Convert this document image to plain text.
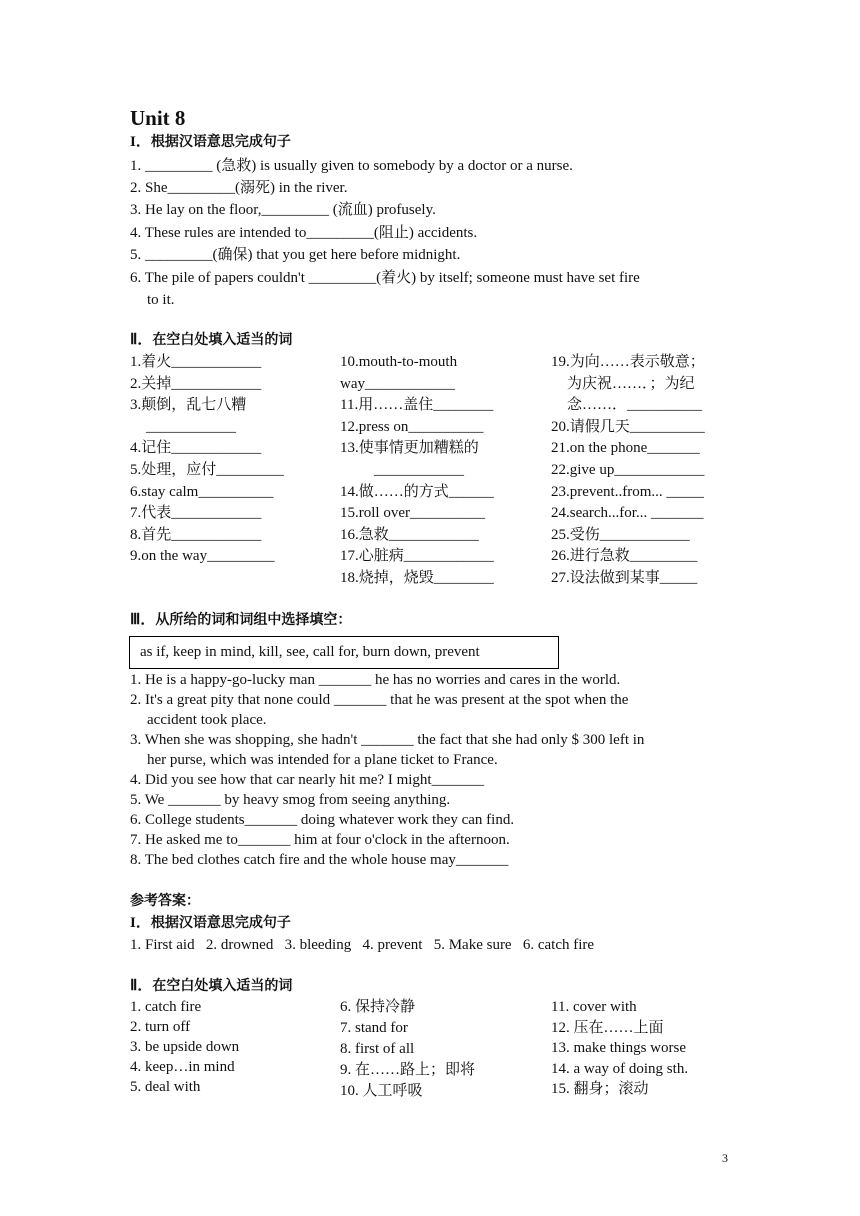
Unit 8
I．根据汉语意思完成句子
1. _________ (急救) is usually given to somebody by a doctor or a nurse.
2. She_________(溺死) in the river.
3. He lay on the floor,_________ (流血) profusely.
4. These rules are intended to_________(阻止) accidents.
5. _________(确保) that you get here before midnight.
6. The pile of papers couldn't _________(着火) by itself; someone must have set fire
to it.
Ⅱ．在空白处填入适当的词
1.着火____________
2.关掉____________
3.颠倒，乱七八糟
____________
4.记住____________
5.处理，应付_________
6.stay calm__________
7.代表____________
8.首先____________
9.on the way_________
10.mouth-to-mouth
way____________
11.用……盖住________
12.press on__________
13.使事情更加糟糕的
____________
14.做……的方式______
15.roll over__________
16.急救____________
17.心脏病____________
18.烧掉，烧毁________
19.为向……表示敬意；
为庆祝……．；为纪
念……．__________
20.请假几天__________
21.on the phone_______
22.give up____________
23.prevent..from... _____
24.search...for... _______
25.受伤____________
26.进行急救_________
27.设法做到某事_____
Ⅲ．从所给的词和词组中选择填空：
as if, keep in mind, kill, see, call for, burn down, prevent
1. He is a happy-go-lucky man _______ he has no worries and cares in the world.
2. It's a great pity that none could _______ that he was present at the spot when the
accident took place.
3. When she was shopping, she hadn't _______ the fact that she had only $ 300 left in
her purse, which was intended for a plane ticket to France.
4. Did you see how that car nearly hit me? I might_______
5. We _______ by heavy smog from seeing anything.
6. College students_______ doing whatever work they can find.
7. He asked me to_______ him at four o'clock in the afternoon.
8. The bed clothes catch fire and the whole house may_______
参考答案：
I．根据汉语意思完成句子
1. First aid   2. drowned   3. bleeding   4. prevent   5. Make sure   6. catch fire
Ⅱ．在空白处填入适当的词
1. catch fire
2. turn off
3. be upside down
4. keep…in mind
5. deal with
6. 保持冷静
7. stand for
8. first of all
9. 在……路上；即将
10. 人工呼吸
11. cover with
12. 压在……上面
13. make things worse
14. a way of doing sth.
15. 翻身；滚动
3
